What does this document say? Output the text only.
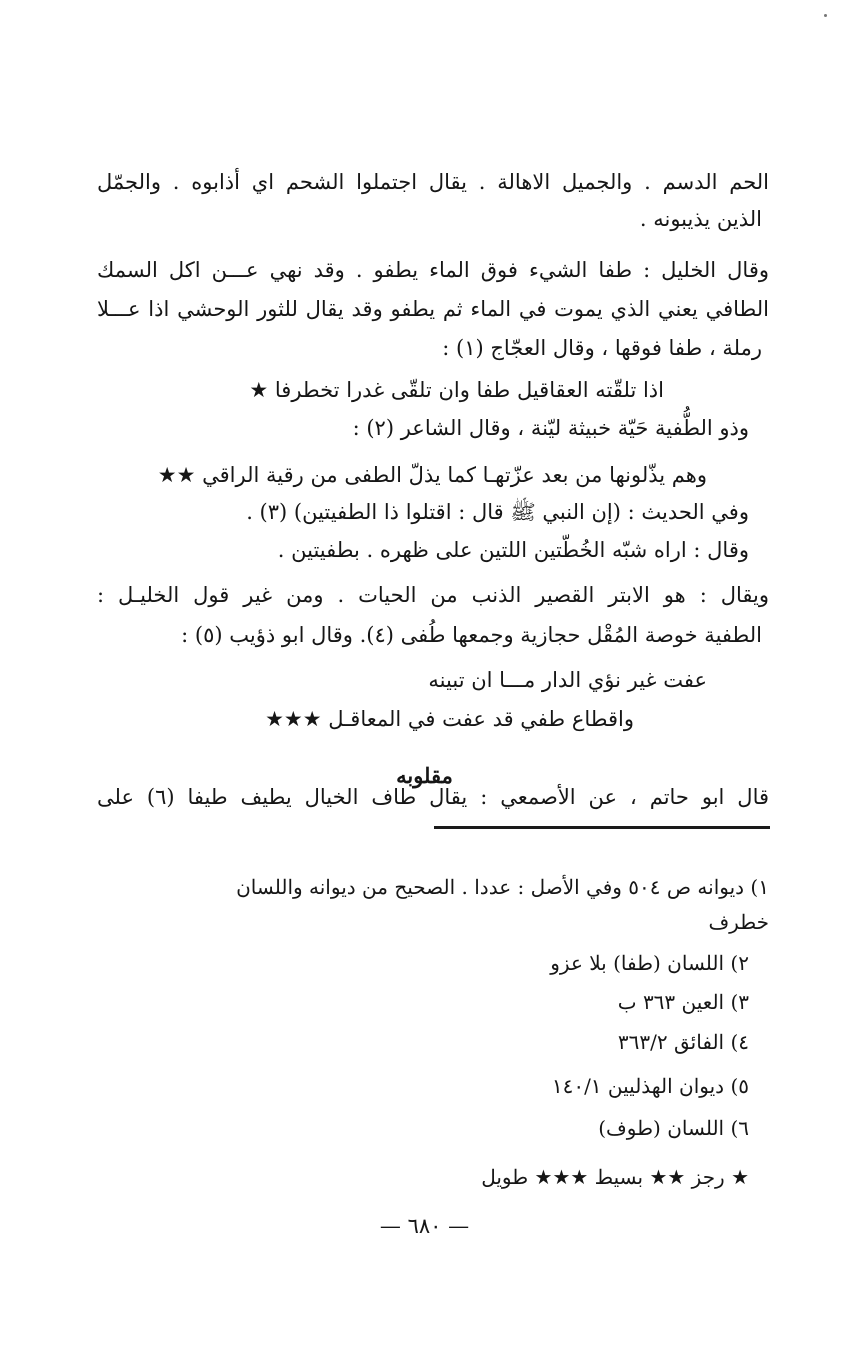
الحم الدسم . والجميل الاهالة . يقال اجتملوا الشحم اي أذابوه . والجمّل

الذين يذيبونه .

وقال الخليل : طفا الشيء فوق الماء يطفو . وقد نهي عـــن اكل السمك

الطافي يعني الذي يموت في الماء ثم يطفو وقد يقال للثور الوحشي اذا عـــلا

رملة ، طفا فوقها ، وقال العجّاج (١) :

اذا تلقّته العقاقيل طفا وان تلقّى غدرا تخطرفا ★

وذو الطُّفية حَيّة خبيثة ليّنة ، وقال الشاعر (٢) :

وهم يذّلونها من بعد عزّتهـا كما يذلّ الطفى من رقية الراقي ★★

وفي الحديث : (إن النبي ﷺ قال : اقتلوا ذا الطفيتين) (٣) .

وقال : اراه شبّه الخُطّتين اللتين على ظهره . بطفيتين .

ويقال : هو الابتر القصير الذنب من الحيات . ومن غير قول الخليـل :

الطفية خوصة المُقْل حجازية وجمعها طُفى (٤). وقال ابو ذؤيب (٥) :

عفت غير نؤي الدار مـــا ان تبينه

واقطاع طفي قد عفت في المعاقـل ★★★

مقلوبه

قال ابو حاتم ، عن الأصمعي : يقال طاف الخيال يطيف طيفا (٦) على

١) ديوانه ص ٥٠٤ وفي الأصل : عددا . الصحيح من ديوانه واللسان

خطرف

٢) اللسان (طفا) بلا عزو

٣) العين ٣٦٣ ب

٤) الفائق ٣٦٣/٢

٥) ديوان الهذليين ١٤٠/١

٦) اللسان (طوف)

★ رجز ★★ بسيط ★★★ طويل

— ٦٨٠ —
